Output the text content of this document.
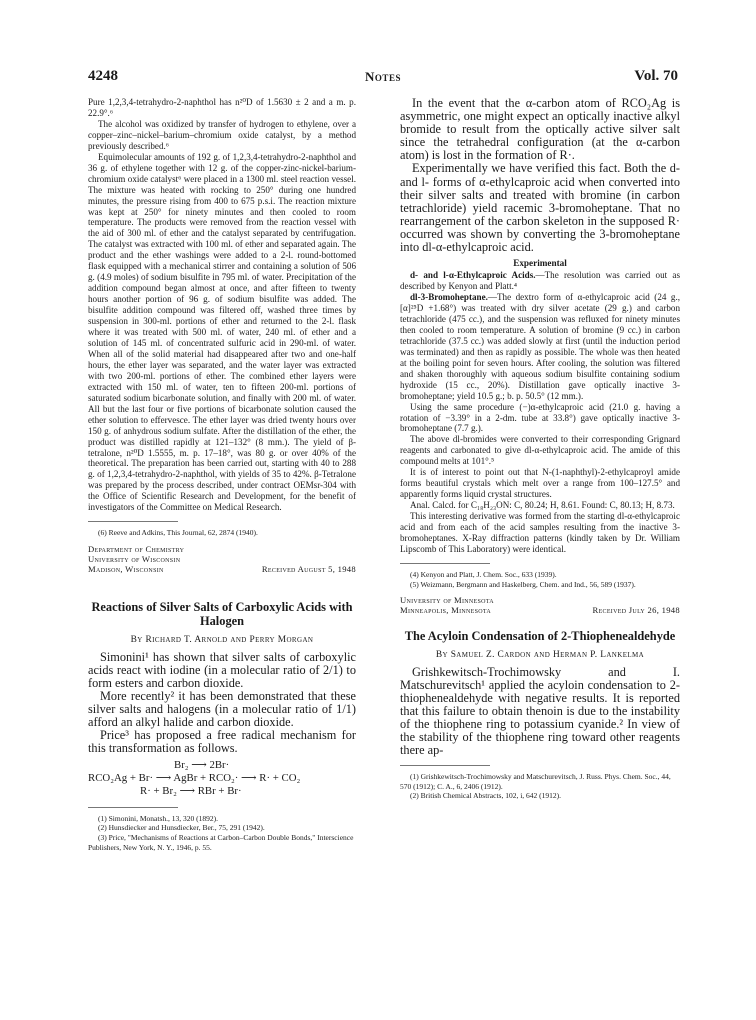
4248	Notes	Vol. 70

Pure 1,2,3,4-tetrahydro-2-naphthol has n²⁰D of 1.5630 ± 2 and a m. p. 22.9°.⁶

The alcohol was oxidized by transfer of hydrogen to ethylene, over a copper–zinc–nickel–barium–chromium oxide catalyst, by a method previously described.⁶

Equimolecular amounts of 192 g. of 1,2,3,4-tetrahydro-2-naphthol and 36 g. of ethylene together with 12 g. of the copper-zinc-nickel-barium-chromium oxide catalyst⁶ were placed in a 1300 ml. steel reaction vessel. The mixture was heated with rocking to 250° during one hundred minutes, the pressure rising from 400 to 675 p.s.i. The reaction mixture was kept at 250° for ninety minutes and then cooled to room temperature. The products were removed from the reaction vessel with the aid of 300 ml. of ether and the catalyst separated by centrifugation. The catalyst was extracted with 100 ml. of ether and separated again. The product and the ether washings were added to a 2-l. round-bottomed flask equipped with a mechanical stirrer and containing a solution of 506 g. (4.9 moles) of sodium bisulfite in 795 ml. of water. Precipitation of the addition compound began almost at once, and after fifteen to twenty hours another portion of 96 g. of sodium bisulfite was added. The bisulfite addition compound was filtered off, washed three times by suspension in 300-ml. portions of ether and returned to the 2-l. flask where it was treated with 500 ml. of water, 240 ml. of ether and a solution of 145 ml. of concentrated sulfuric acid in 290-ml. of water. When all of the solid material had disappeared after two and one-half hours, the ether layer was separated, and the water layer was extracted with two 200-ml. portions of ether. The combined ether layers were extracted with 150 ml. of water, ten to fifteen 200-ml. portions of saturated sodium bicarbonate solution, and finally with 200 ml. of water. All but the last four or five portions of bicarbonate solution caused the ether solution to effervesce. The ether layer was dried twenty hours over 150 g. of anhydrous sodium sulfate. After the distillation of the ether, the product was distilled rapidly at 121–132° (8 mm.). The yield of β-tetralone, n²⁰D 1.5555, m. p. 17–18°, was 80 g. or over 40% of the theoretical. The preparation has been carried out, starting with 40 to 288 g. of 1,2,3,4-tetrahydro-2-naphthol, with yields of 35 to 42%. β-Tetralone was prepared by the process described, under contract OEMsr-304 with the Office of Scientific Research and Development, for the benefit of investigators of the Committee on Medical Research.

(6) Reeve and Adkins, This Journal, 62, 2874 (1940).

Department of Chemistry
University of Wisconsin
Madison, Wisconsin	Received August 5, 1948
Reactions of Silver Salts of Carboxylic Acids with Halogen
By Richard T. Arnold and Perry Morgan

Simonini¹ has shown that silver salts of carboxylic acids react with iodine (in a molecular ratio of 2/1) to form esters and carbon dioxide.

More recently² it has been demonstrated that these silver salts and halogens (in a molecular ratio of 1/1) afford an alkyl halide and carbon dioxide.

Price³ has proposed a free radical mechanism for this transformation as follows.

Br₂ ⟶ 2Br·
RCO₂Ag + Br· ⟶ AgBr + RCO₂· ⟶ R· + CO₂
R· + Br₂ ⟶ RBr + Br·

(1) Simonini, Monatsh., 13, 320 (1892).

(2) Hunsdiecker and Hunsdiecker, Ber., 75, 291 (1942).

(3) Price, "Mechanisms of Reactions at Carbon–Carbon Double Bonds," Interscience Publishers, New York, N. Y., 1946, p. 55.

In the event that the α-carbon atom of RCO₂Ag is asymmetric, one might expect an optically inactive alkyl bromide to result from the optically active silver salt since the tetrahedral configuration (at the α-carbon atom) is lost in the formation of R·.

Experimentally we have verified this fact. Both the d- and l- forms of α-ethylcaproic acid when converted into their silver salts and treated with bromine (in carbon tetrachloride) yield racemic 3-bromoheptane. That no rearrangement of the carbon skeleton in the supposed R· occurred was shown by converting the 3-bromoheptane into dl-α-ethylcaproic acid.

Experimental

d- and l-α-Ethylcaproic Acids.—The resolution was carried out as described by Kenyon and Platt.⁴

dl-3-Bromoheptane.—The dextro form of α-ethylcaproic acid (24 g., [α]²⁵D +1.68°) was treated with dry silver acetate (29 g.) and carbon tetrachloride (475 cc.), and the suspension was refluxed for ninety minutes then cooled to room temperature. A solution of bromine (9 cc.) in carbon tetrachloride (37.5 cc.) was added slowly at first (until the induction period was terminated) and then as rapidly as possible. The whole was then heated at the boiling point for seven hours. After cooling, the solution was filtered and shaken thoroughly with aqueous sodium bisulfite containing sodium hydroxide (15 cc., 20%). Distillation gave optically inactive 3-bromoheptane; yield 10.5 g.; b. p. 50.5° (12 mm.).

Using the same procedure (−)α-ethylcaproic acid (21.0 g. having a rotation of −3.39° in a 2-dm. tube at 33.8°) gave optically inactive 3-bromoheptane (7.7 g.).

The above dl-bromides were converted to their corresponding Grignard reagents and carbonated to give dl-α-ethylcaproic acid. The amide of this compound melts at 101°.⁵

It is of interest to point out that N-(1-naphthyl)-2-ethylcaproyl amide forms beautiful crystals which melt over a range from 100–127.5° and apparently forms liquid crystal structures.

Anal. Calcd. for C₁₈H₂₃ON: C, 80.24; H, 8.61. Found: C, 80.13; H, 8.73.

This interesting derivative was formed from the starting dl-α-ethylcaproic acid and from each of the acid samples resulting from the inactive 3-bromoheptanes. X-Ray diffraction patterns (kindly taken by Dr. William Lipscomb of This Laboratory) were identical.

(4) Kenyon and Platt, J. Chem. Soc., 633 (1939).

(5) Weizmann, Bergmann and Haskelberg, Chem. and Ind., 56, 589 (1937).

University of Minnesota
Minneapolis, Minnesota	Received July 26, 1948
The Acyloin Condensation of 2-Thiophenealdehyde
By Samuel Z. Cardon and Herman P. Lankelma

Grishkewitsch-Trochimowsky and I. Matschurevitsch¹ applied the acyloin condensation to 2-thiophenealdehyde with negative results. It is reported that this failure to obtain thenoin is due to the instability of the thiophene ring to potassium cyanide.² In view of the stability of the thiophene ring toward other reagents there ap-

(1) Grishkewitsch-Trochimowsky and Matschurevitsch, J. Russ. Phys. Chem. Soc., 44, 570 (1912); C. A., 6, 2406 (1912).

(2) British Chemical Abstracts, 102, i, 642 (1912).
